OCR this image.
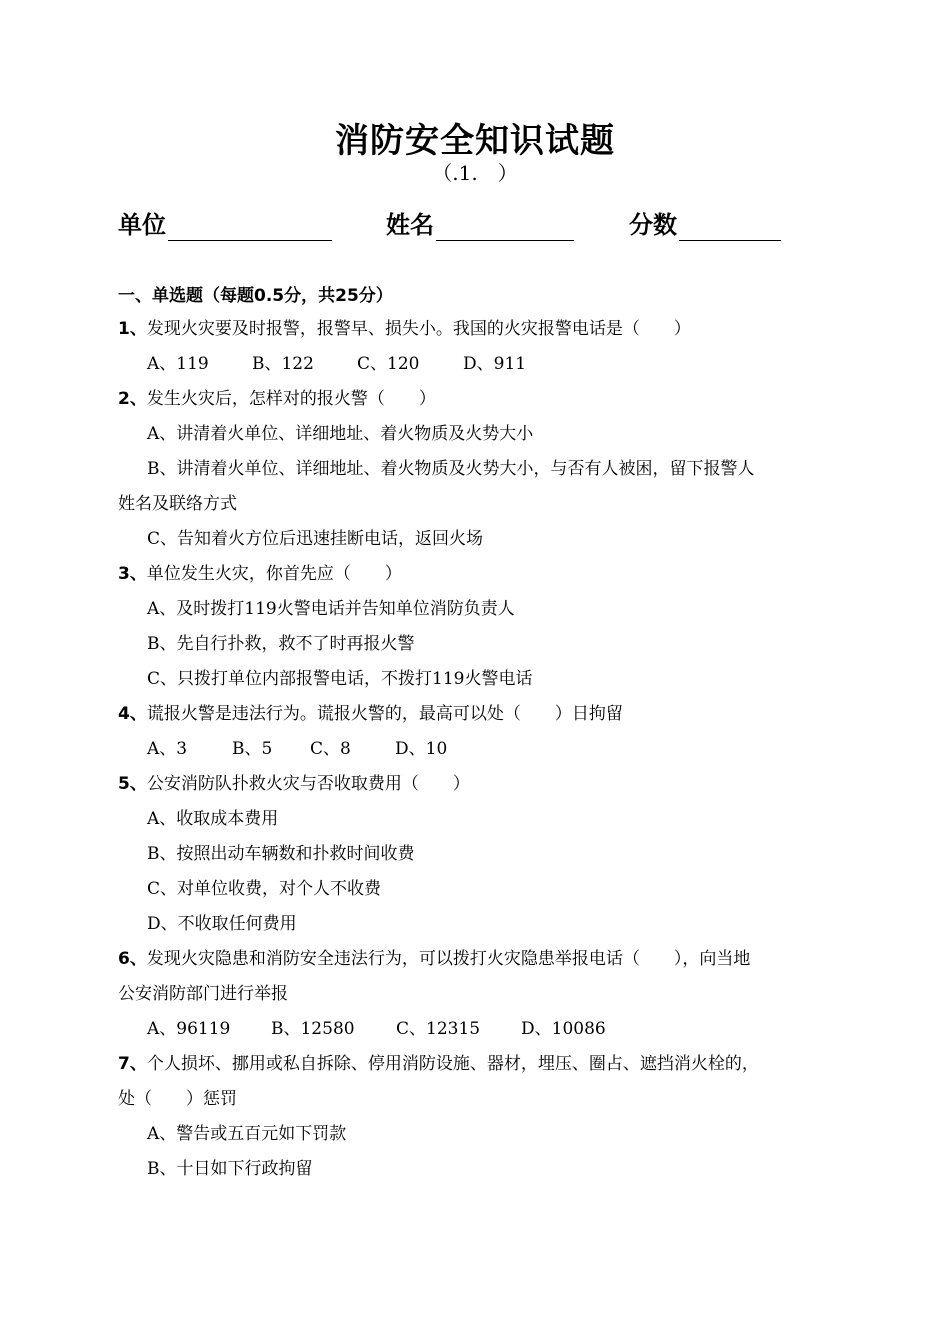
消防安全知识试题
（.1.　）
单位	姓名	分数
一、单选题（每题0.5分，共25分）
1、发现火灾要及时报警，报警早、损失小。我国的火灾报警电话是（　　）
A、119	B、122	C、120	D、911
2、发生火灾后，怎样对的报火警（　　）
A、讲清着火单位、详细地址、着火物质及火势大小
B、讲清着火单位、详细地址、着火物质及火势大小，与否有人被困，留下报警人
姓名及联络方式
C、告知着火方位后迅速挂断电话，返回火场
3、单位发生火灾，你首先应（　　）
A、及时拨打119火警电话并告知单位消防负责人
B、先自行扑救，救不了时再报火警
C、只拨打单位内部报警电话，不拨打119火警电话
4、谎报火警是违法行为。谎报火警的，最高可以处（　　）日拘留
A、3	B、5	C、8	D、10
5、公安消防队扑救火灾与否收取费用（　　）
A、收取成本费用
B、按照出动车辆数和扑救时间收费
C、对单位收费，对个人不收费
D、不收取任何费用
6、发现火灾隐患和消防安全违法行为，可以拨打火灾隐患举报电话（　　），向当地
公安消防部门进行举报
A、96119	B、12580	C、12315	D、10086
7、个人损坏、挪用或私自拆除、停用消防设施、器材，埋压、圈占、遮挡消火栓的，
处（　　）惩罚
A、警告或五百元如下罚款
B、十日如下行政拘留
